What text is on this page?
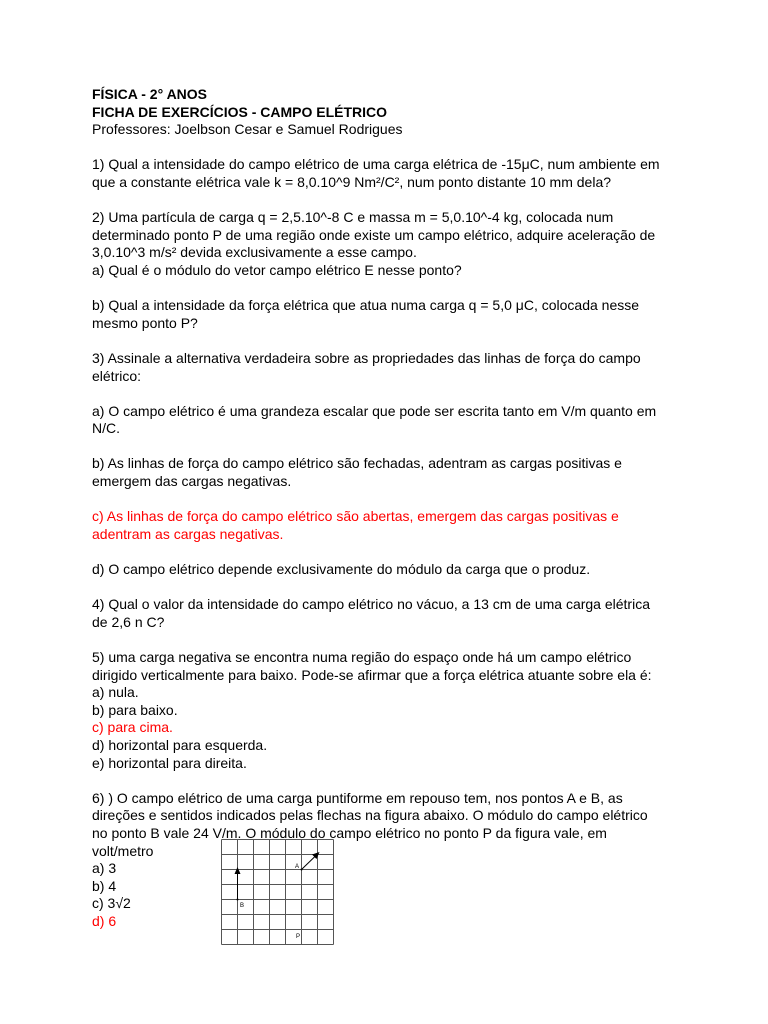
FÍSICA - 2° ANOS
FICHA DE EXERCÍCIOS - CAMPO ELÉTRICO
Professores: Joelbson Cesar e Samuel Rodrigues
1) Qual a intensidade do campo elétrico de uma carga elétrica de -15μC, num ambiente em
que a constante elétrica vale k = 8,0.10^9 Nm²/C², num ponto distante 10 mm dela?
2) Uma partícula de carga q = 2,5.10^-8 C e massa m = 5,0.10^-4 kg, colocada num
determinado ponto P de uma região onde existe um campo elétrico, adquire aceleração de
3,0.10^3 m/s² devida exclusivamente a esse campo.
a) Qual é o módulo do vetor campo elétrico E nesse ponto?
b) Qual a intensidade da força elétrica que atua numa carga q = 5,0 μC, colocada nesse
mesmo ponto P?
3) Assinale a alternativa verdadeira sobre as propriedades das linhas de força do campo
elétrico:
a) O campo elétrico é uma grandeza escalar que pode ser escrita tanto em V/m quanto em
N/C.
b) As linhas de força do campo elétrico são fechadas, adentram as cargas positivas e
emergem das cargas negativas.
c) As linhas de força do campo elétrico são abertas, emergem das cargas positivas e
adentram as cargas negativas.
d) O campo elétrico depende exclusivamente do módulo da carga que o produz.
4) Qual o valor da intensidade do campo elétrico no vácuo, a 13 cm de uma carga elétrica
de 2,6 n C?
5) uma carga negativa se encontra numa região do espaço onde há um campo elétrico
dirigido verticalmente para baixo. Pode-se afirmar que a força elétrica atuante sobre ela é:
a) nula.
b) para baixo.
c) para cima.
d) horizontal para esquerda.
e) horizontal para direita.
6) ) O campo elétrico de uma carga puntiforme em repouso tem, nos pontos A e B, as
direções e sentidos indicados pelas flechas na figura abaixo. O módulo do campo elétrico
no ponto B vale 24 V/m. O módulo do campo elétrico no ponto P da figura vale, em
volt/metro
a) 3
b) 4
c) 3√2
d) 6
A
B
P
